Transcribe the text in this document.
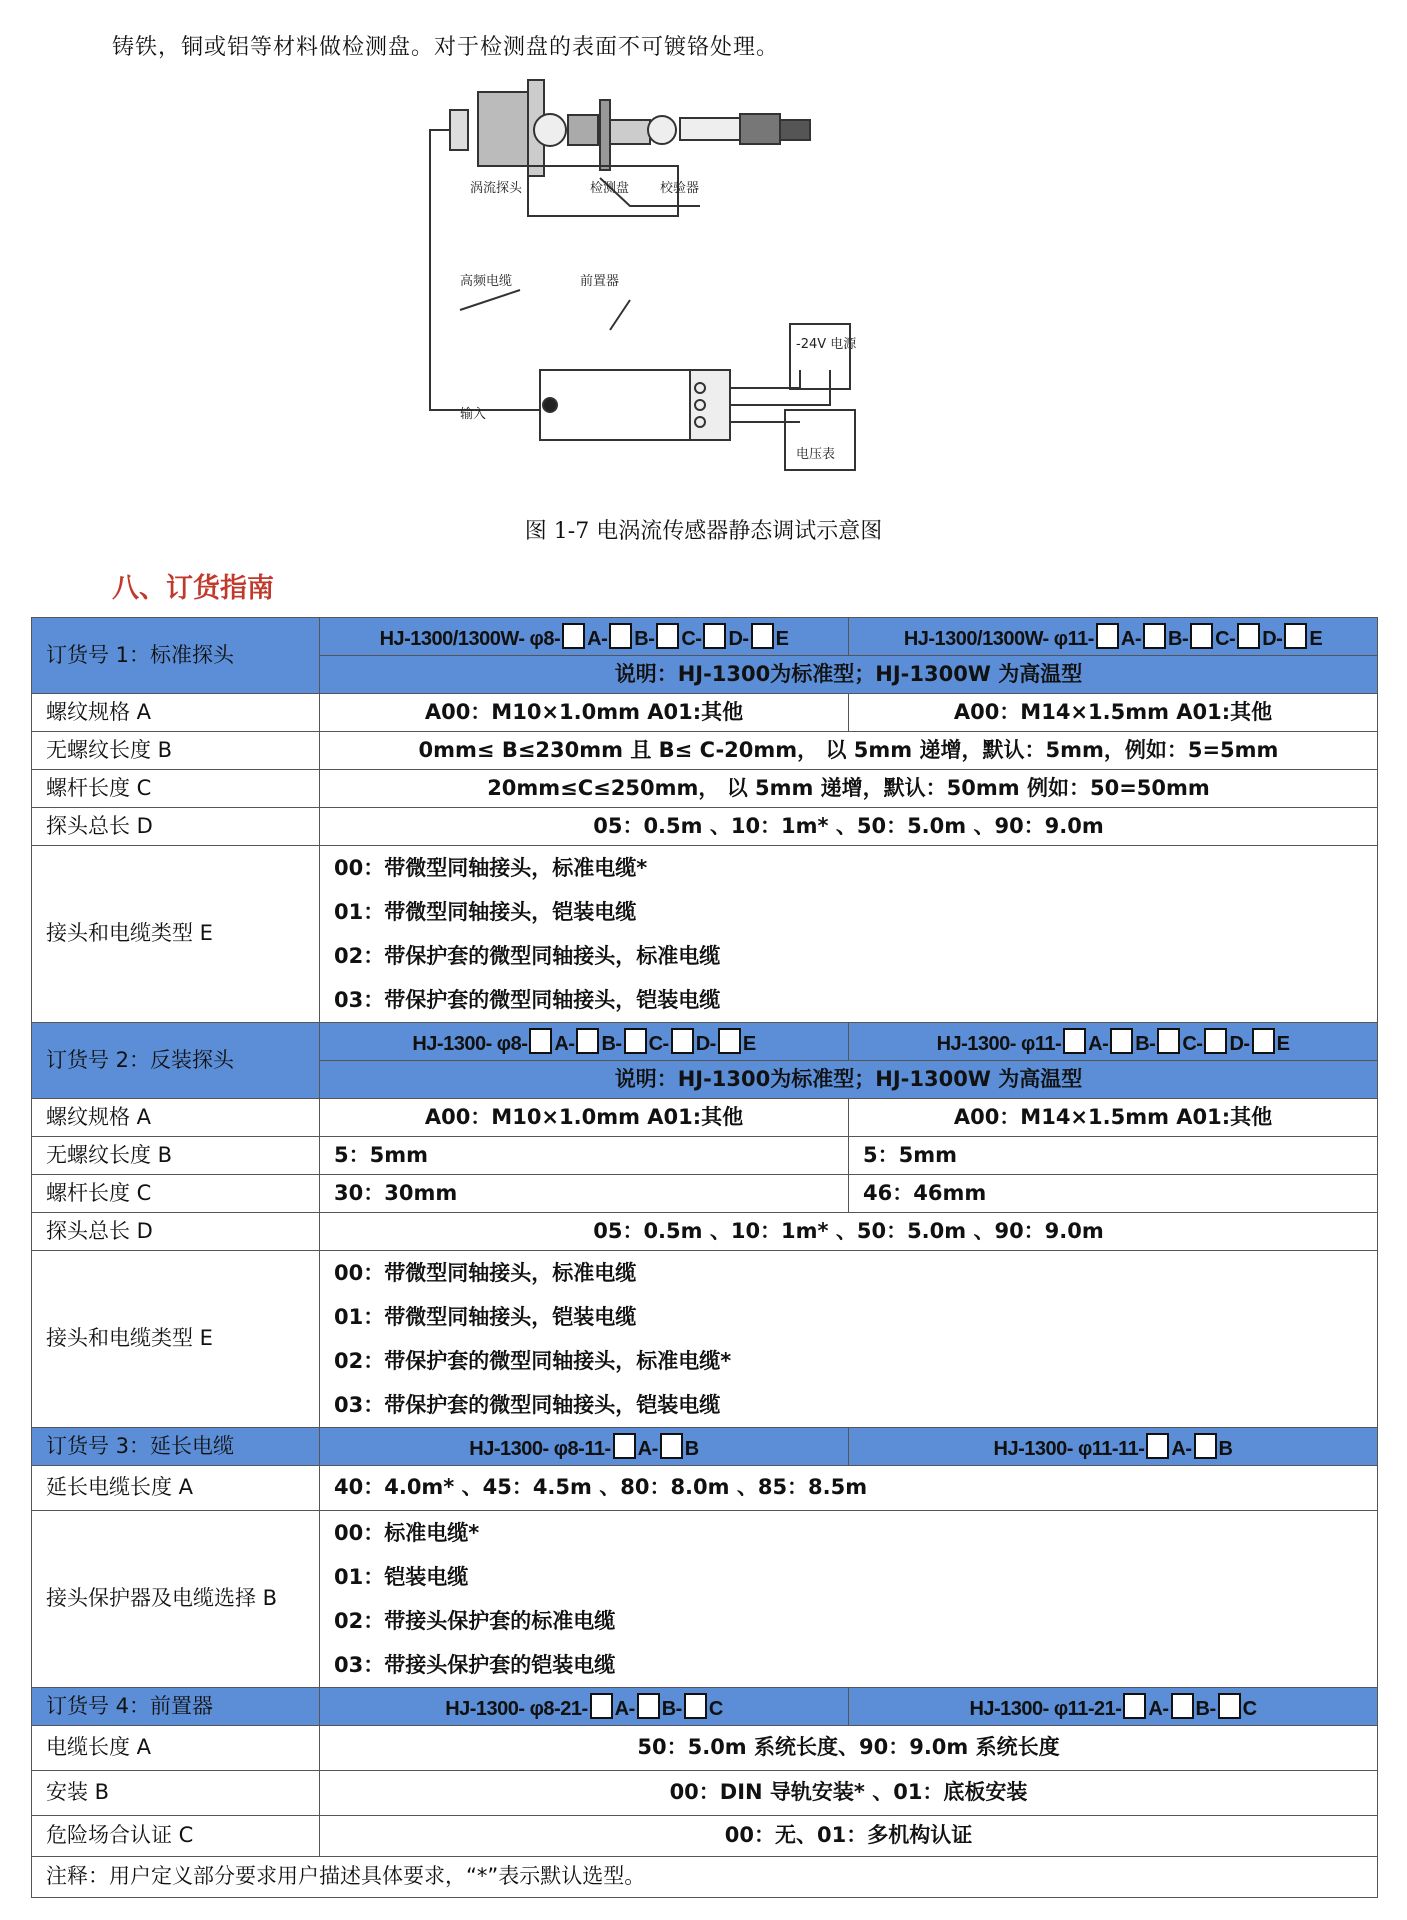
铸铁，铜或铝等材料做检测盘。对于检测盘的表面不可镀铬处理。
涡流探头	检测盘 校验器
高频电缆	前置器
输入
-24V 电源
电压表
图 1-7 电涡流传感器静态调试示意图
八、订货指南
订货号 1：标准探头	HJ-1300/1300W- φ8- A- B- C- D- E	HJ-1300/1300W- φ11- A- B- C- D- E
	说明：HJ-1300为标准型；HJ-1300W 为高温型	
螺纹规格 A	A00：M10×1.0mm A01:其他	A00：M14×1.5mm A01:其他
无螺纹长度 B	0mm≤ B≤230mm 且 B≤ C-20mm， 以 5mm 递增，默认：5mm，例如：5=5mm	
螺杆长度 C	20mm≤C≤250mm， 以 5mm 递增，默认：50mm 例如：50=50mm	
探头总长 D	05：0.5m 、10：1m* 、50：5.0m 、90：9.0m	
接头和电缆类型 E	00：带微型同轴接头，标准电缆*
01：带微型同轴接头，铠装电缆
02：带保护套的微型同轴接头，标准电缆
03：带保护套的微型同轴接头，铠装电缆	

订货号 2：反装探头	HJ-1300- φ8- A- B- C- D- E	HJ-1300- φ11- A- B- C- D- E
	说明：HJ-1300为标准型；HJ-1300W 为高温型	
螺纹规格 A	A00：M10×1.0mm A01:其他	A00：M14×1.5mm A01:其他
无螺纹长度 B	5：5mm	5：5mm
螺杆长度 C	30：30mm	46：46mm
探头总长 D	05：0.5m 、10：1m* 、50：5.0m 、90：9.0m	
接头和电缆类型 E	00：带微型同轴接头，标准电缆
01：带微型同轴接头，铠装电缆
02：带保护套的微型同轴接头，标准电缆*
03：带保护套的微型同轴接头，铠装电缆	

订货号 3：延长电缆	HJ-1300- φ8-11- A- B	HJ-1300- φ11-11- A- B
延长电缆长度 A	40：4.0m* 、45：4.5m 、80：8.0m 、85：8.5m	
接头保护器及电缆选择 B	00：标准电缆*
01：铠装电缆
02：带接头保护套的标准电缆
03：带接头保护套的铠装电缆	

订货号 4：前置器	HJ-1300- φ8-21- A- B- C	HJ-1300- φ11-21- A- B- C
电缆长度 A	50：5.0m 系统长度、90：9.0m 系统长度	
安装 B	00：DIN 导轨安装* 、01：底板安装	
危险场合认证 C	00：无、01：多机构认证	
注释：用户定义部分要求用户描述具体要求，“*”表示默认选型。		
